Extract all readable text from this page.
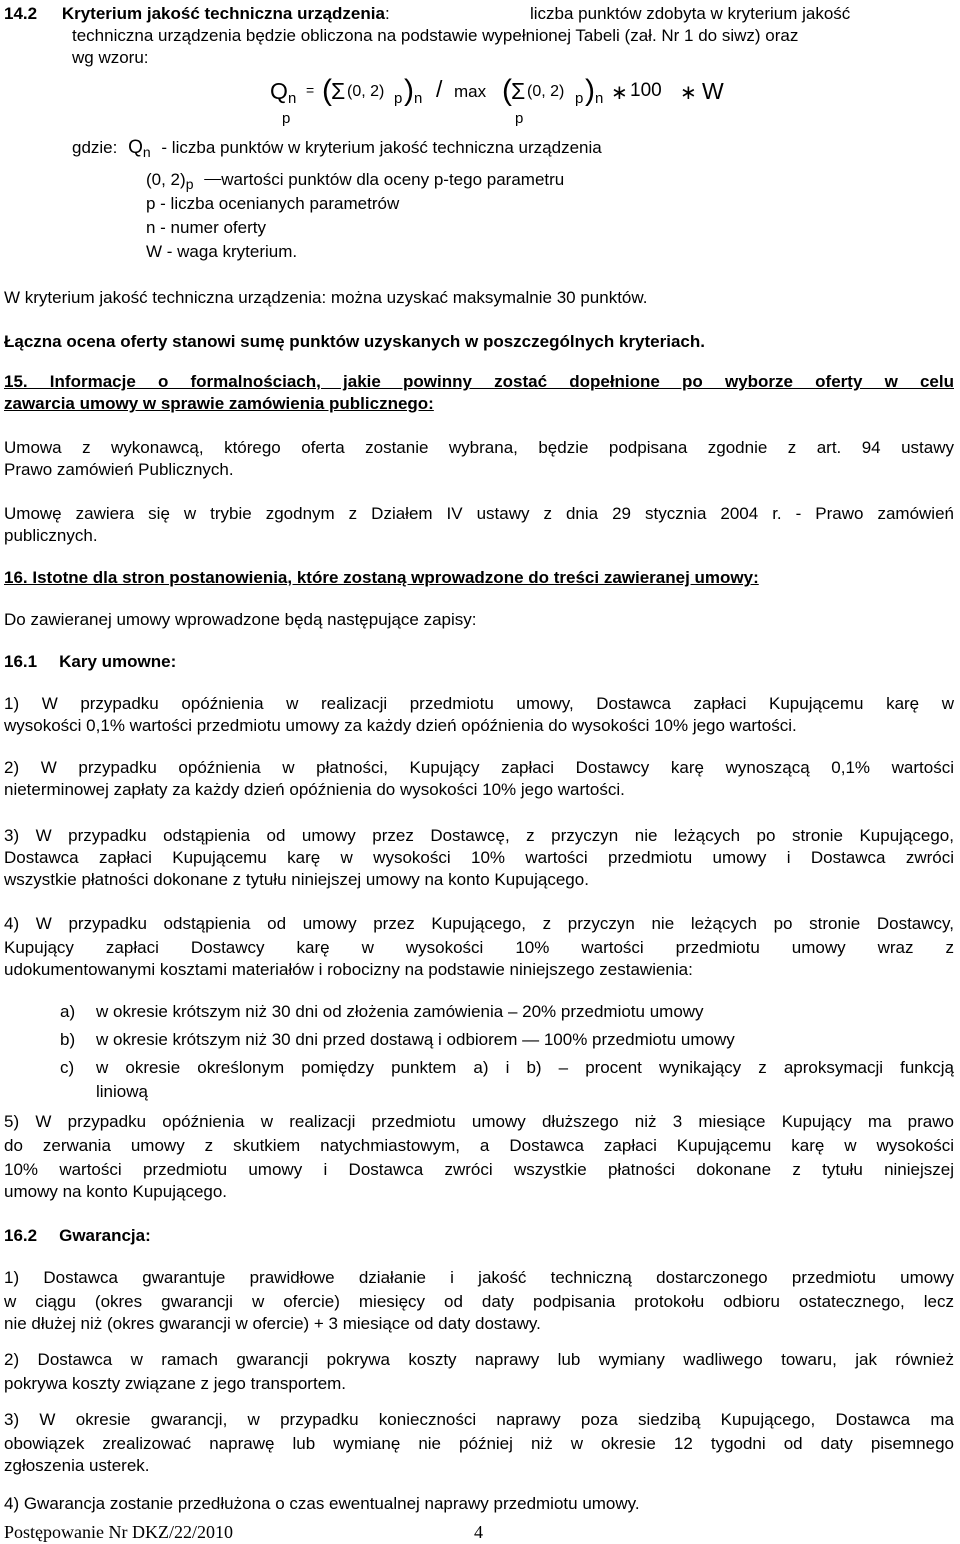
14.2 Kryterium jakość techniczna urządzenia:	liczba punktów zdobyta w kryterium jakość
techniczna urządzenia będzie obliczona na podstawie wypełnionej Tabeli (zał. Nr 1 do siwz) oraz
wg wzoru:
Q n = ( Σ (0, 2) p ) n / max ( Σ (0, 2) p ) n ∗ 100 ∗ W
p	p
gdzie: $Q_n$ - liczba punktów w kryterium jakość techniczna urządzenia
(0, $2)_p$   wartości punktów dla oceny p-tego parametru
p - liczba ocenianych parametrów
n - numer oferty
W - waga kryterium.
W kryterium jakość techniczna urządzenia: można uzyskać maksymalnie 30 punktów.
Łączna ocena oferty stanowi sumę punktów uzyskanych w poszczególnych kryteriach.
15. Informacje o formalnościach, jakie powinny zostać dopełnione po wyborze oferty w celu
zawarcia umowy w sprawie zamówienia publicznego:
Umowa z wykonawcą, którego oferta zostanie wybrana, będzie podpisana zgodnie z art. 94 ustawy
Prawo zamówień Publicznych.
Umowę zawiera się w trybie zgodnym z Działem IV ustawy z dnia 29 stycznia 2004 r. - Prawo zamówień
publicznych.
16. Istotne dla stron postanowienia, które zostaną wprowadzone do treści zawieranej umowy:
Do zawieranej umowy wprowadzone będą następujące zapisy:
16.1 Kary umowne:
1) W przypadku opóźnienia w realizacji przedmiotu umowy, Dostawca zapłaci Kupującemu karę w
wysokości 0,1% wartości przedmiotu umowy za każdy dzień opóźnienia do wysokości 10% jego wartości.
2) W przypadku opóźnienia w płatności, Kupujący zapłaci Dostawcy karę wynoszącą 0,1% wartości
nieterminowej zapłaty za każdy dzień opóźnienia do wysokości 10% jego wartości.
3) W przypadku odstąpienia od umowy przez Dostawcę, z przyczyn nie leżących po stronie Kupującego,
Dostawca zapłaci Kupującemu karę w wysokości 10% wartości przedmiotu umowy i Dostawca zwróci
wszystkie płatności dokonane z tytułu niniejszej umowy na konto Kupującego.
4) W przypadku odstąpienia od umowy przez Kupującego, z przyczyn nie leżących po stronie Dostawcy,
Kupujący zapłaci Dostawcy karę w wysokości 10% wartości przedmiotu umowy wraz z
udokumentowanymi kosztami materiałów i robocizny na podstawie niniejszego zestawienia:
a) w okresie krótszym niż 30 dni od złożenia zamówienia – 20% przedmiotu umowy
b) w okresie krótszym niż 30 dni przed dostawą i odbiorem — 100% przedmiotu umowy
c) w okresie określonym pomiędzy punktem a) i b) – procent wynikający z aproksymacji funkcją
liniową
5) W przypadku opóźnienia w realizacji przedmiotu umowy dłuższego niż 3 miesiące Kupujący ma prawo
do zerwania umowy z skutkiem natychmiastowym, a Dostawca zapłaci Kupującemu karę w wysokości
10% wartości przedmiotu umowy i Dostawca zwróci wszystkie płatności dokonane z tytułu niniejszej
umowy na konto Kupującego.
16.2 Gwarancja:
1) Dostawca gwarantuje prawidłowe działanie i jakość techniczną dostarczonego przedmiotu umowy
w ciągu (okres gwarancji w ofercie) miesięcy od daty podpisania protokołu odbioru ostatecznego, lecz
nie dłużej niż (okres gwarancji w ofercie) + 3 miesiące od daty dostawy.
2) Dostawca w ramach gwarancji pokrywa koszty naprawy lub wymiany wadliwego towaru, jak również
pokrywa koszty związane z jego transportem.
3) W okresie gwarancji, w przypadku konieczności naprawy poza siedzibą Kupującego, Dostawca ma
obowiązek zrealizować naprawę lub wymianę nie później niż w okresie 12 tygodni od daty pisemnego
zgłoszenia usterek.
4) Gwarancja zostanie przedłużona o czas ewentualnej naprawy przedmiotu umowy.
Postępowanie Nr DKZ/22/2010	4
